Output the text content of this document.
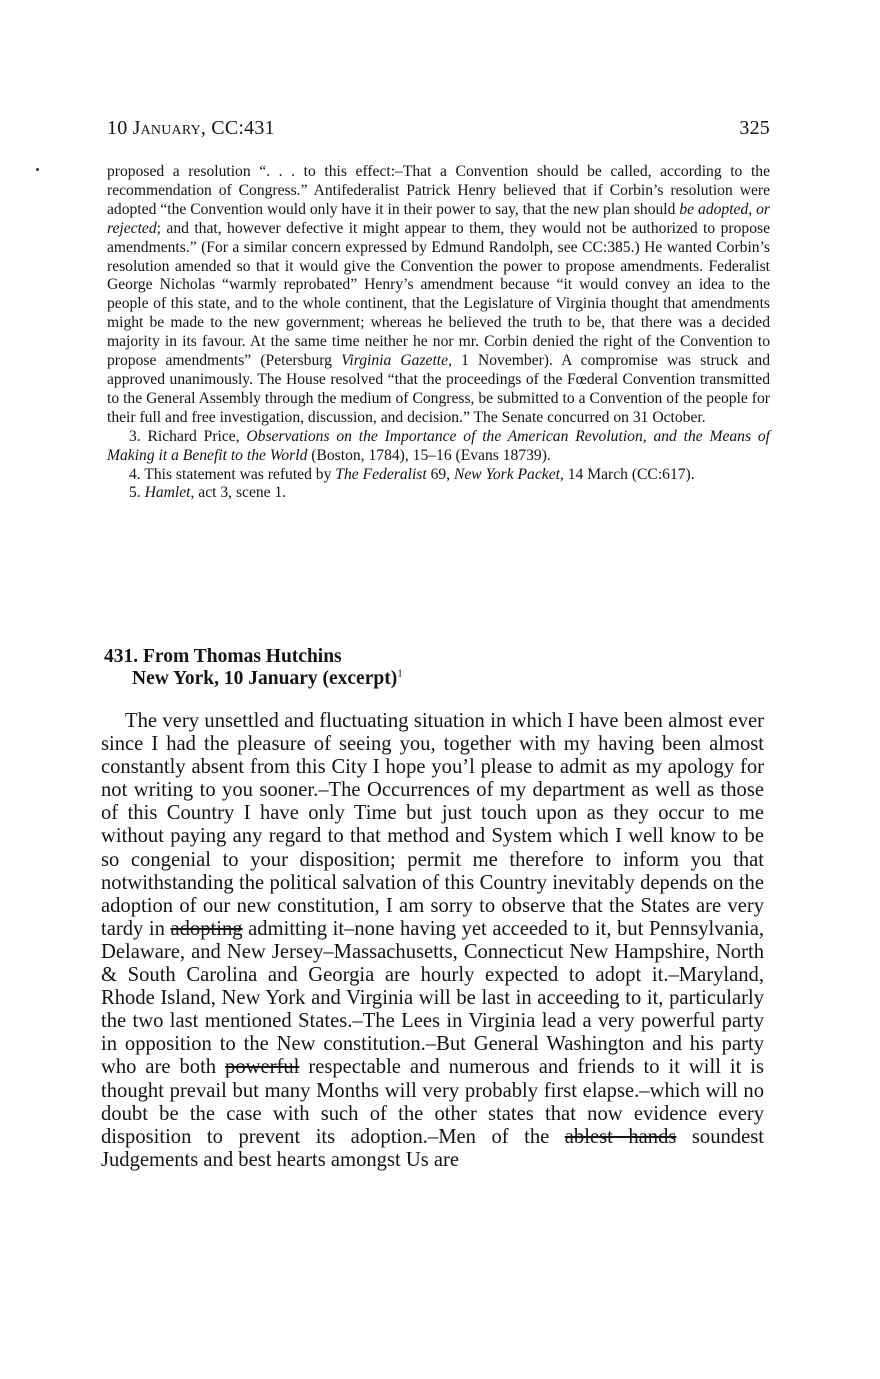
10 January, CC:431	325

proposed a resolution “. . . to this effect:–That a Convention should be called, according to the recommendation of Congress.” Antifederalist Patrick Henry believed that if Corbin’s resolution were adopted “the Convention would only have it in their power to say, that the new plan should be adopted, or rejected; and that, however defective it might appear to them, they would not be authorized to propose amendments.” (For a similar concern expressed by Edmund Randolph, see CC:385.) He wanted Corbin’s resolution amended so that it would give the Convention the power to propose amendments. Federalist George Nicholas “warmly reprobated” Henry’s amendment because “it would convey an idea to the people of this state, and to the whole continent, that the Legislature of Virginia thought that amendments might be made to the new government; whereas he believed the truth to be, that there was a decided majority in its favour. At the same time neither he nor mr. Corbin denied the right of the Convention to propose amendments” (Petersburg Virginia Gazette, 1 November). A compromise was struck and approved unanimously. The House resolved “that the proceedings of the Fœderal Convention transmitted to the General Assembly through the medium of Congress, be submitted to a Convention of the people for their full and free investigation, discussion, and decision.” The Senate concurred on 31 October.

3. Richard Price, Observations on the Importance of the American Revolution, and the Means of Making it a Benefit to the World (Boston, 1784), 15–16 (Evans 18739).

4. This statement was refuted by The Federalist 69, New York Packet, 14 March (CC:617).

5. Hamlet, act 3, scene 1.

431. From Thomas Hutchins
New York, 10 January (excerpt)$^1$

The very unsettled and fluctuating situation in which I have been almost ever since I had the pleasure of seeing you, together with my having been almost constantly absent from this City I hope you’l please to admit as my apology for not writing to you sooner.–The Occurrences of my department as well as those of this Country I have only Time but just touch upon as they occur to me without paying any regard to that method and System which I well know to be so congenial to your disposition; permit me therefore to inform you that notwithstanding the political salvation of this Country inevitably depends on the adoption of our new constitution, I am sorry to observe that the States are very tardy in adopting admitting it–none having yet acceeded to it, but Pennsylvania, Delaware, and New Jersey–Massachusetts, Connecticut New Hampshire, North & South Carolina and Georgia are hourly expected to adopt it.–Maryland, Rhode Island, New York and Virginia will be last in acceeding to it, particularly the two last mentioned States.–The Lees in Virginia lead a very powerful party in opposition to the New constitution.–But General Washington and his party who are both powerful respectable and numerous and friends to it will it is thought prevail but many Months will very probably first elapse.–which will no doubt be the case with such of the other states that now evidence every disposition to prevent its adoption.–Men of the ablest hands soundest Judgements and best hearts amongst Us are
